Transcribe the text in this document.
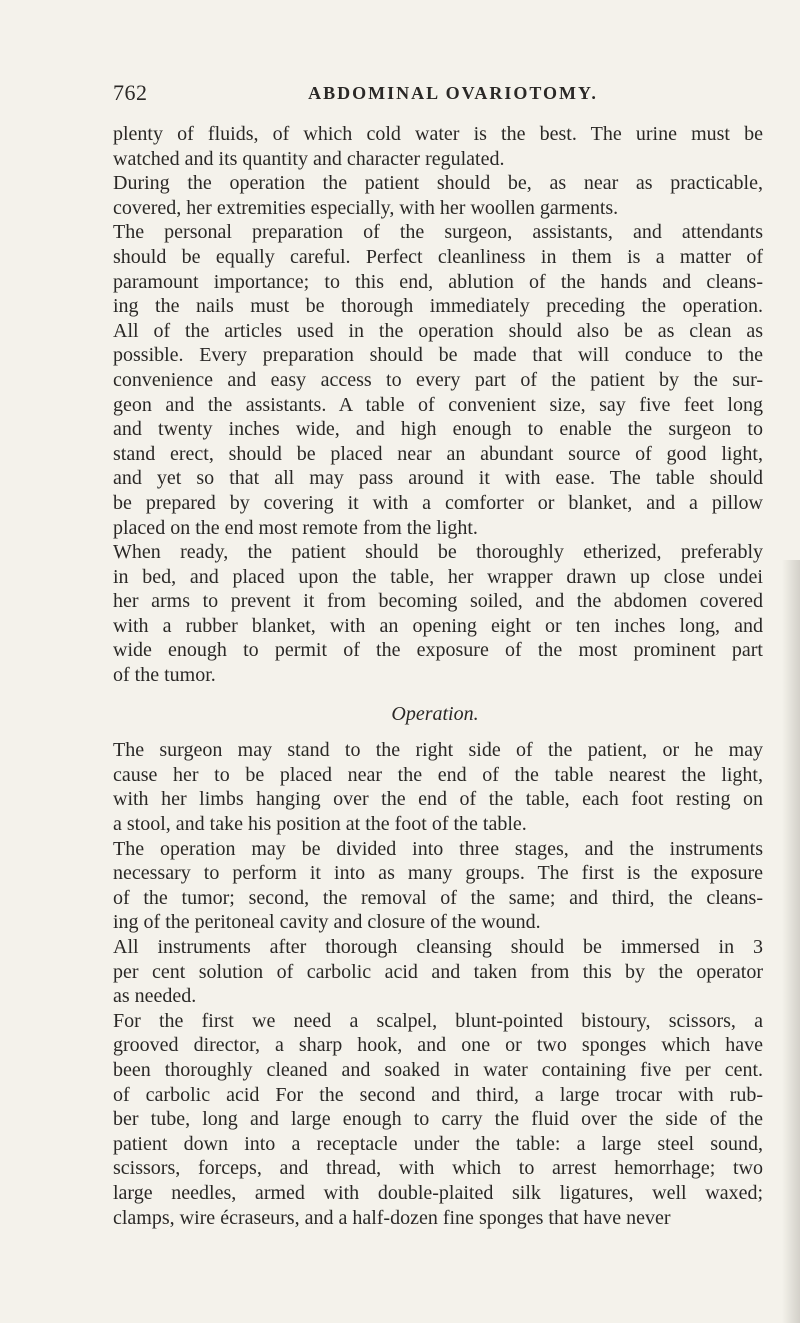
762	ABDOMINAL OVARIOTOMY.

plenty of fluids, of which cold water is the best. The urine must be

watched and its quantity and character regulated.

During the operation the patient should be, as near as practicable,

covered, her extremities especially, with her woollen garments.

The personal preparation of the surgeon, assistants, and attendants

should be equally careful. Perfect cleanliness in them is a matter of

paramount importance; to this end, ablution of the hands and cleans-

ing the nails must be thorough immediately preceding the operation.

All of the articles used in the operation should also be as clean as

possible. Every preparation should be made that will conduce to the

convenience and easy access to every part of the patient by the sur-

geon and the assistants. A table of convenient size, say five feet long

and twenty inches wide, and high enough to enable the surgeon to

stand erect, should be placed near an abundant source of good light,

and yet so that all may pass around it with ease. The table should

be prepared by covering it with a comforter or blanket, and a pillow

placed on the end most remote from the light.

When ready, the patient should be thoroughly etherized, preferably

in bed, and placed upon the table, her wrapper drawn up close undei

her arms to prevent it from becoming soiled, and the abdomen covered

with a rubber blanket, with an opening eight or ten inches long, and

wide enough to permit of the exposure of the most prominent part

of the tumor.

Operation.

The surgeon may stand to the right side of the patient, or he may

cause her to be placed near the end of the table nearest the light,

with her limbs hanging over the end of the table, each foot resting on

a stool, and take his position at the foot of the table.

The operation may be divided into three stages, and the instruments

necessary to perform it into as many groups. The first is the exposure

of the tumor; second, the removal of the same; and third, the cleans-

ing of the peritoneal cavity and closure of the wound.

All instruments after thorough cleansing should be immersed in 3

per cent solution of carbolic acid and taken from this by the operator

as needed.

For the first we need a scalpel, blunt-pointed bistoury, scissors, a

grooved director, a sharp hook, and one or two sponges which have

been thoroughly cleaned and soaked in water containing five per cent.

of carbolic acid For the second and third, a large trocar with rub-

ber tube, long and large enough to carry the fluid over the side of the

patient down into a receptacle under the table: a large steel sound,

scissors, forceps, and thread, with which to arrest hemorrhage; two

large needles, armed with double-plaited silk ligatures, well waxed;

clamps, wire écraseurs, and a half-dozen fine sponges that have never
